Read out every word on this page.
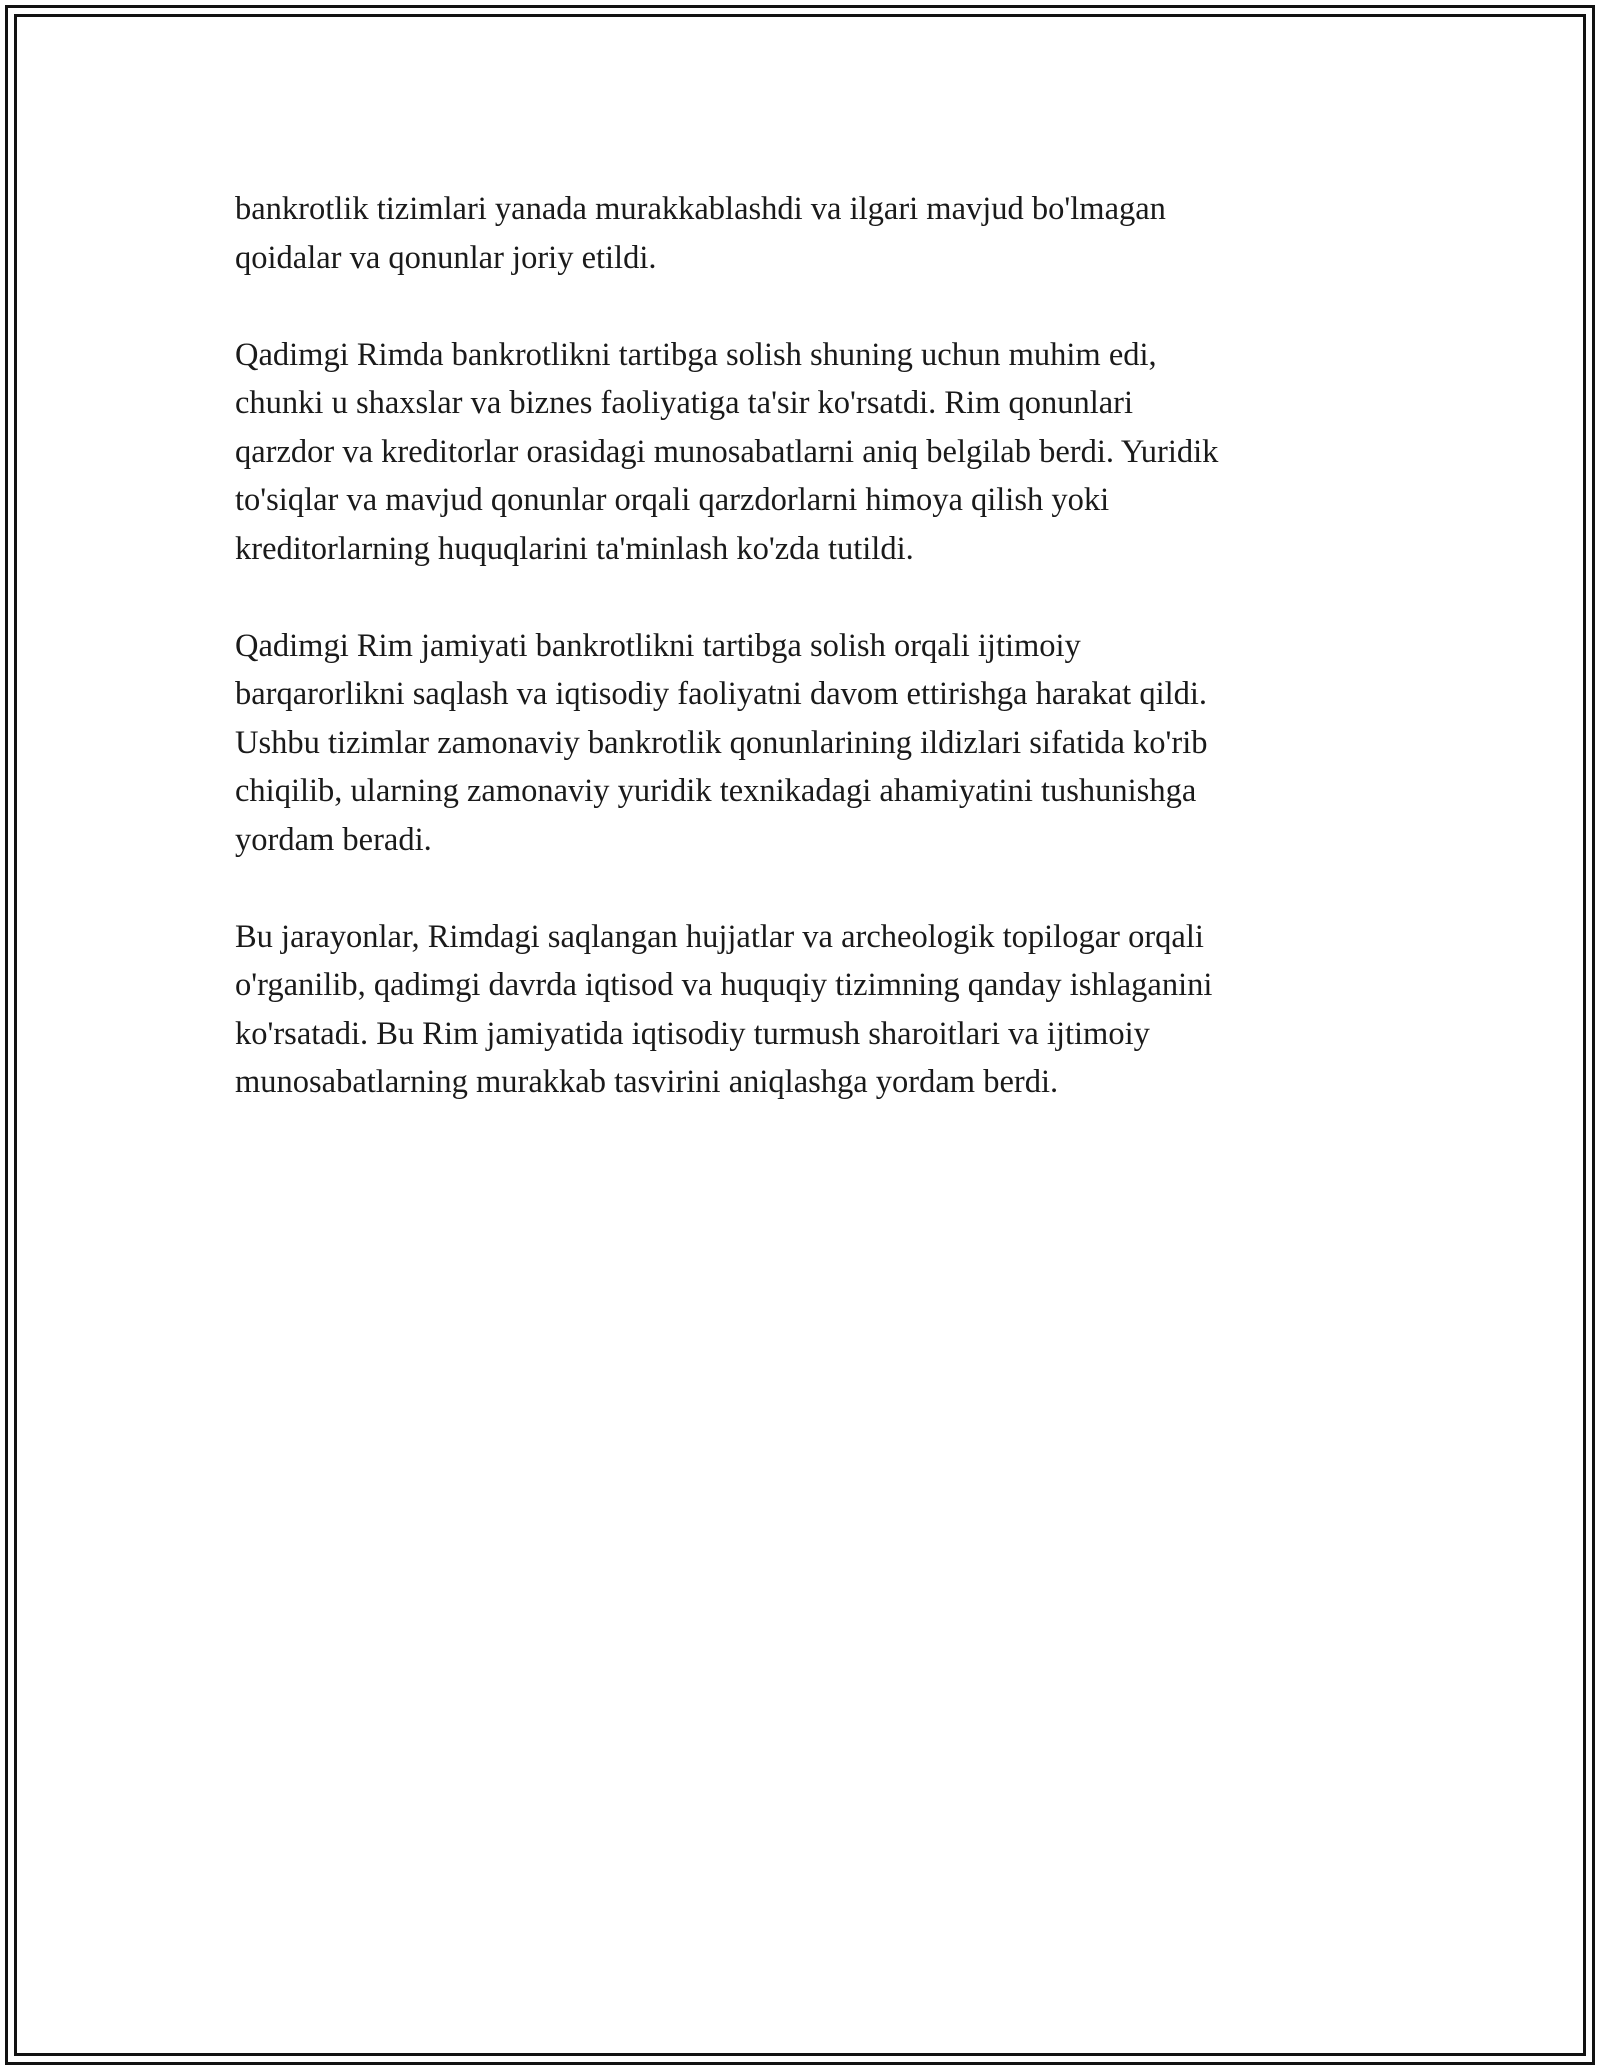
bankrotlik tizimlari yanada murakkablashdi va ilgari mavjud bo'lmagan
qoidalar va qonunlar joriy etildi.

Qadimgi Rimda bankrotlikni tartibga solish shuning uchun muhim edi,
chunki u shaxslar va biznes faoliyatiga ta'sir ko'rsatdi. Rim qonunlari
qarzdor va kreditorlar orasidagi munosabatlarni aniq belgilab berdi. Yuridik
to'siqlar va mavjud qonunlar orqali qarzdorlarni himoya qilish yoki
kreditorlarning huquqlarini ta'minlash ko'zda tutildi.

Qadimgi Rim jamiyati bankrotlikni tartibga solish orqali ijtimoiy
barqarorlikni saqlash va iqtisodiy faoliyatni davom ettirishga harakat qildi.
Ushbu tizimlar zamonaviy bankrotlik qonunlarining ildizlari sifatida ko'rib
chiqilib, ularning zamonaviy yuridik texnikadagi ahamiyatini tushunishga
yordam beradi.

Bu jarayonlar, Rimdagi saqlangan hujjatlar va archeologik topilogar orqali
o'rganilib, qadimgi davrda iqtisod va huquqiy tizimning qanday ishlaganini
ko'rsatadi. Bu Rim jamiyatida iqtisodiy turmush sharoitlari va ijtimoiy
munosabatlarning murakkab tasvirini aniqlashga yordam berdi.
